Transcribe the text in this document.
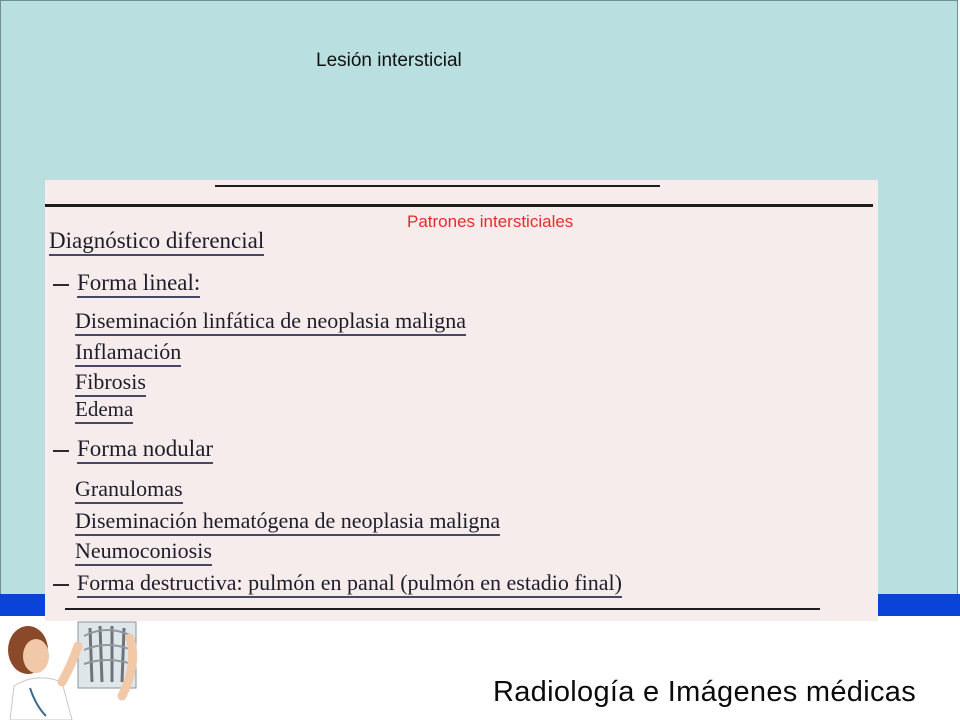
Lesión intersticial
Patrones intersticiales
Diagnóstico diferencial
Forma lineal:
Diseminación linfática de neoplasia maligna
Inflamación
Fibrosis
Edema
Forma nodular
Granulomas
Diseminación hematógena de neoplasia maligna
Neumoconiosis
Forma destructiva: pulmón en panal (pulmón en estadio final)
Radiología e Imágenes médicas
